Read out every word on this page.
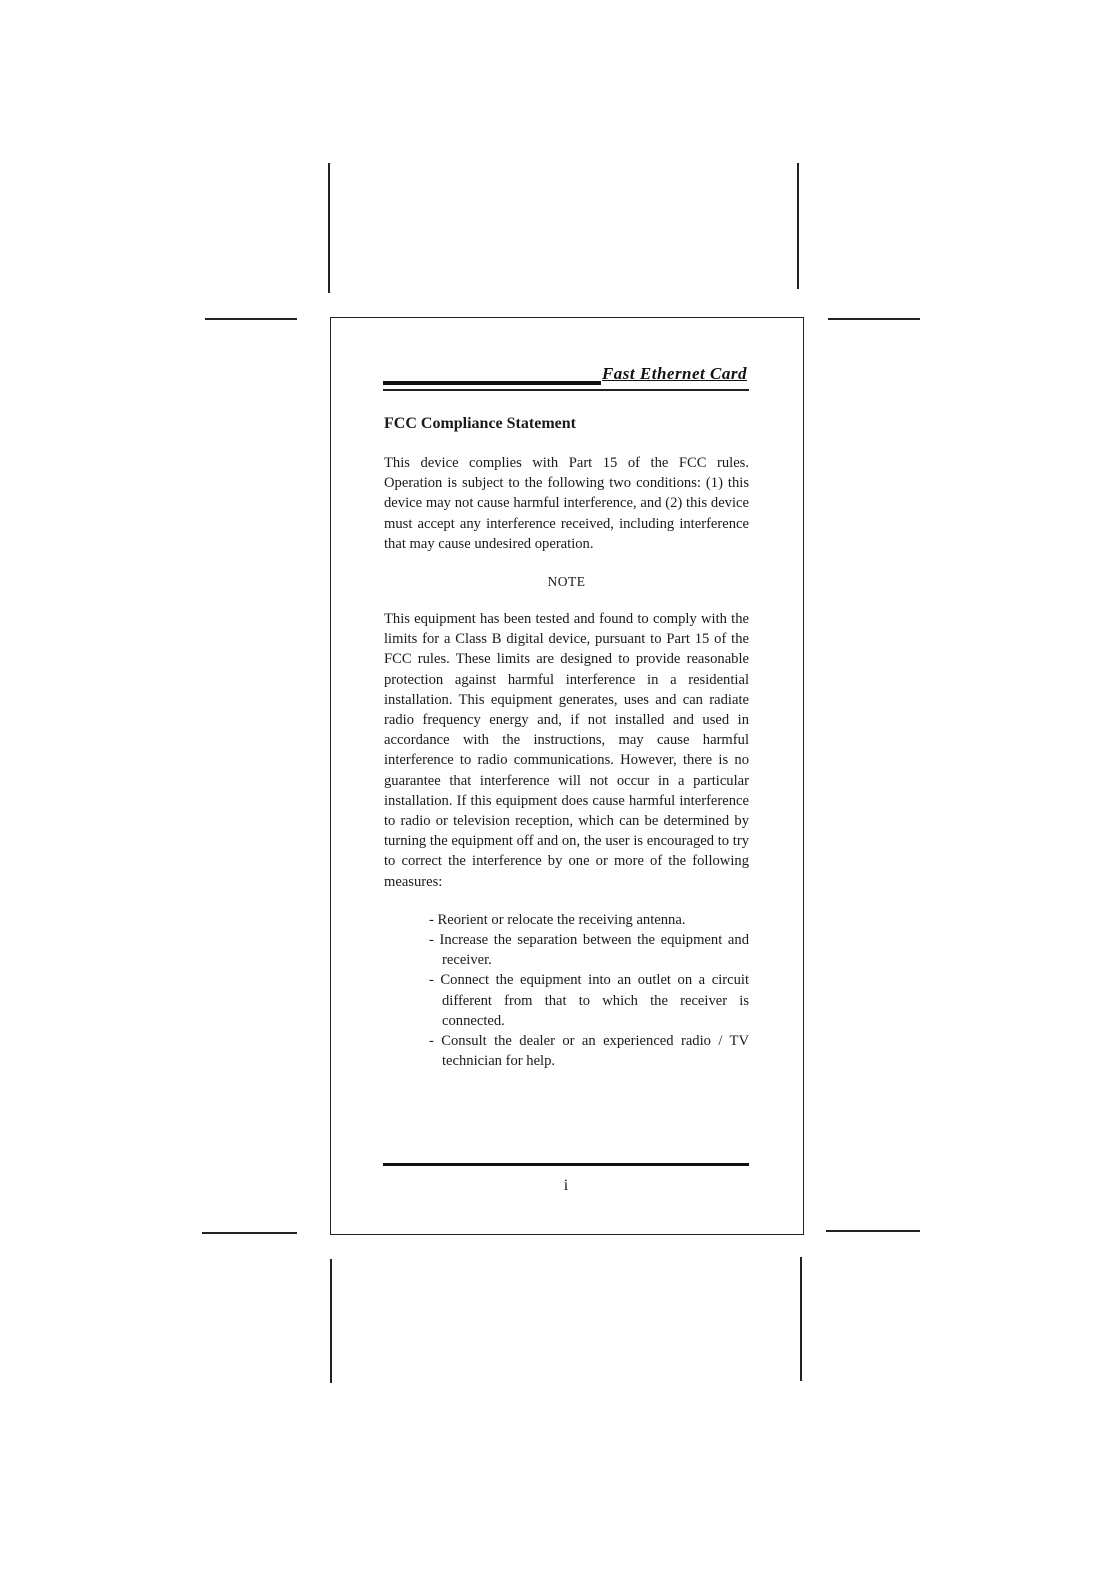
Fast Ethernet Card

FCC Compliance Statement

This device complies with Part 15 of the FCC rules. Operation is subject to the following two conditions: (1) this device may not cause harmful interference, and (2) this device must accept any interference received, including interference that may cause undesired operation.

NOTE

This equipment has been tested and found to comply with the limits for a Class B digital device, pursuant to Part 15 of the FCC rules. These limits are designed to provide reasonable protection against harmful interference in a residential installation. This equipment generates, uses and can radiate radio frequency energy and, if not installed and used in accordance with the instructions, may cause harmful interference to radio communications. However, there is no guarantee that interference will not occur in a particular installation. If this equipment does cause harmful interference to radio or television reception, which can be determined by turning the equipment off and on, the user is encouraged to try to correct the interference by one or more of the following measures:

- Reorient or relocate the receiving antenna.
- Increase the separation between the equipment and receiver.
- Connect the equipment into an outlet on a circuit different from that to which the receiver is connected.
- Consult the dealer or an experienced radio / TV technician for help.
i
